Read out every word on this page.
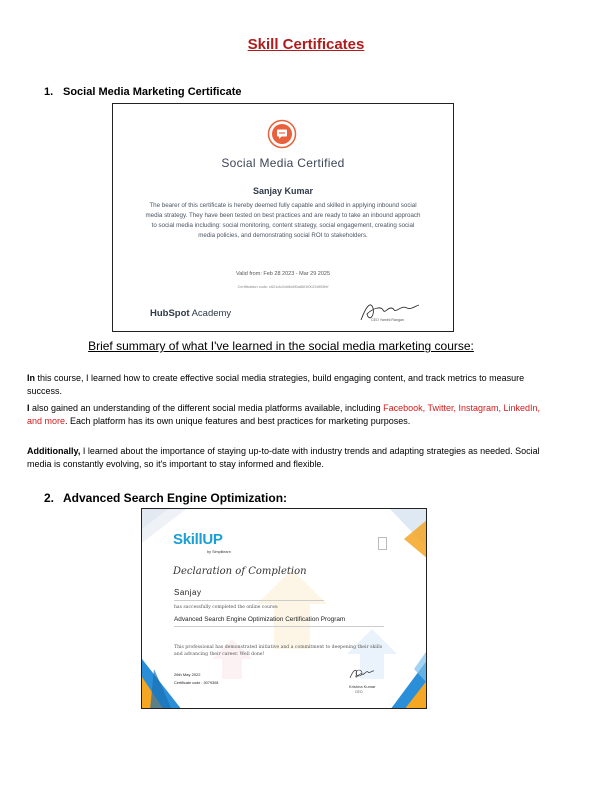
Skill Certificates
1. Social Media Marketing Certificate
Social Media Certified
Sanjay Kumar
The bearer of this certificate is hereby deemed fully capable and skilled in applying inbound social media strategy. They have been tested on best practices and are ready to take an inbound approach to social media including: social monitoring, content strategy, social engagement, creating social media policies, and demonstrating social ROI to stakeholders.
Valid from: Feb 28 2023 - Mar 29 2025
Certification code: c621cfc2cb8d4f0a86f1f0022df93fef
HubSpot Academy
CEO Yamini Rangan
Brief summary of what I've learned in the social media marketing course:
In this course, I learned how to create effective social media strategies, build engaging content, and track metrics to measure success.
I also gained an understanding of the different social media platforms available, including Facebook, Twitter, Instagram, LinkedIn, and more. Each platform has its own unique features and best practices for marketing purposes.
Additionally, I learned about the importance of staying up-to-date with industry trends and adapting strategies as needed. Social media is constantly evolving, so it's important to stay informed and flexible.
2. Advanced Search Engine Optimization:
SkillUP
by Simplilearn
Declaration of Completion
Sanjay
has successfully completed the online course:
Advanced Search Engine Optimization Certification Program
This professional has demonstrated initiative and a commitment to deepening their skills and advancing their career. Well done!
26th May 2022
Certificate code : 3079308
Krishna Kumar
CEO
